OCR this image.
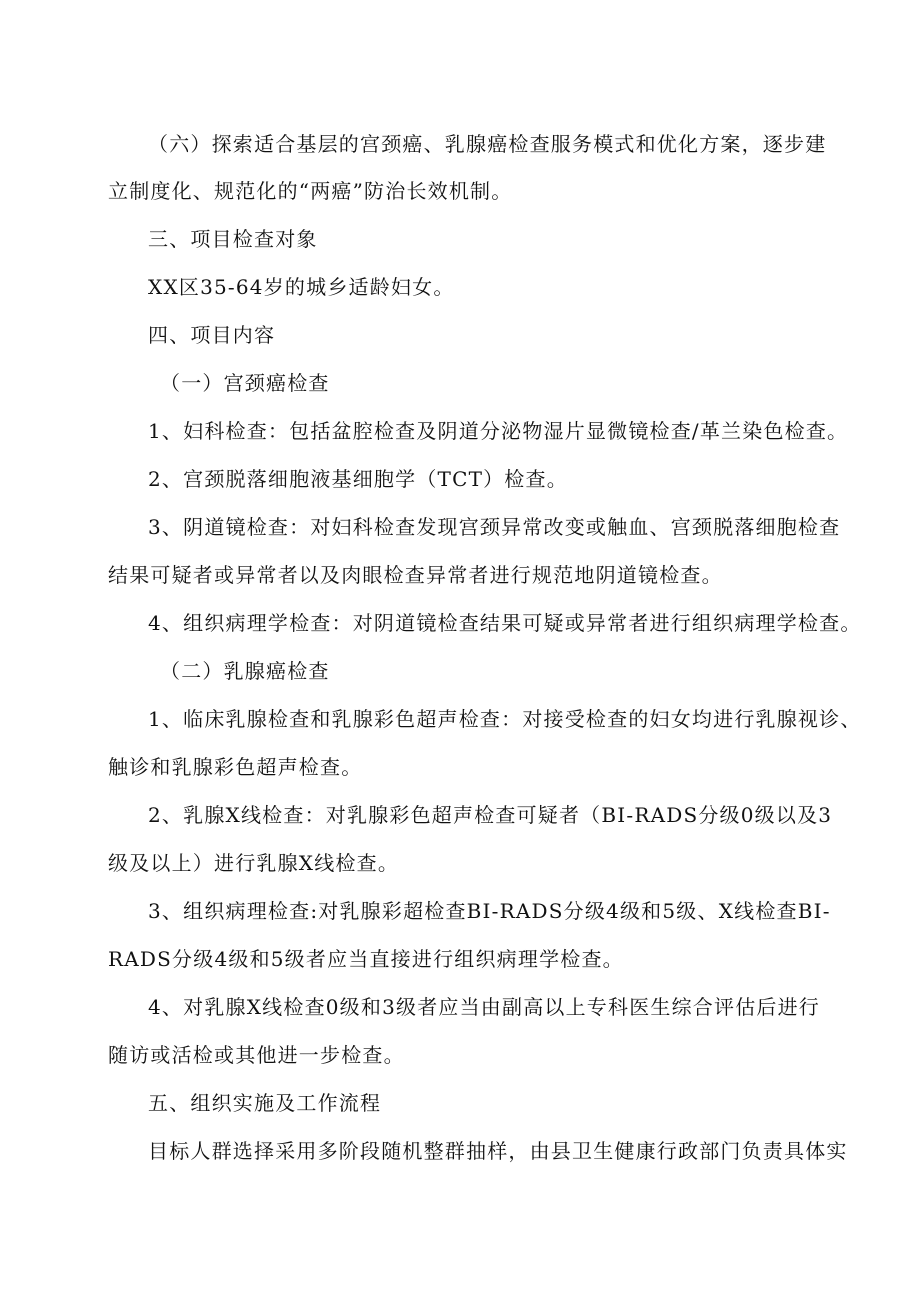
（六）探索适合基层的宫颈癌、乳腺癌检查服务模式和优化方案，逐步建
立制度化、规范化的“两癌”防治长效机制。
三、项目检查对象
XX区35-64岁的城乡适龄妇女。
四、项目内容
（一）宫颈癌检查
1、妇科检查：包括盆腔检查及阴道分泌物湿片显微镜检查/革兰染色检查。
2、宫颈脱落细胞液基细胞学（TCT）检查。
3、阴道镜检查：对妇科检查发现宫颈异常改变或触血、宫颈脱落细胞检查
结果可疑者或异常者以及肉眼检查异常者进行规范地阴道镜检查。
4、组织病理学检查：对阴道镜检查结果可疑或异常者进行组织病理学检查。
（二）乳腺癌检查
1、临床乳腺检查和乳腺彩色超声检查：对接受检查的妇女均进行乳腺视诊、
触诊和乳腺彩色超声检查。
2、乳腺X线检查：对乳腺彩色超声检查可疑者（BI-RADS分级0级以及3
级及以上）进行乳腺X线检查。
3、组织病理检查:对乳腺彩超检查BI-RADS分级4级和5级、X线检查BI-
RADS分级4级和5级者应当直接进行组织病理学检查。
4、对乳腺X线检查0级和3级者应当由副高以上专科医生综合评估后进行
随访或活检或其他进一步检查。
五、组织实施及工作流程
目标人群选择采用多阶段随机整群抽样，由县卫生健康行政部门负责具体实
